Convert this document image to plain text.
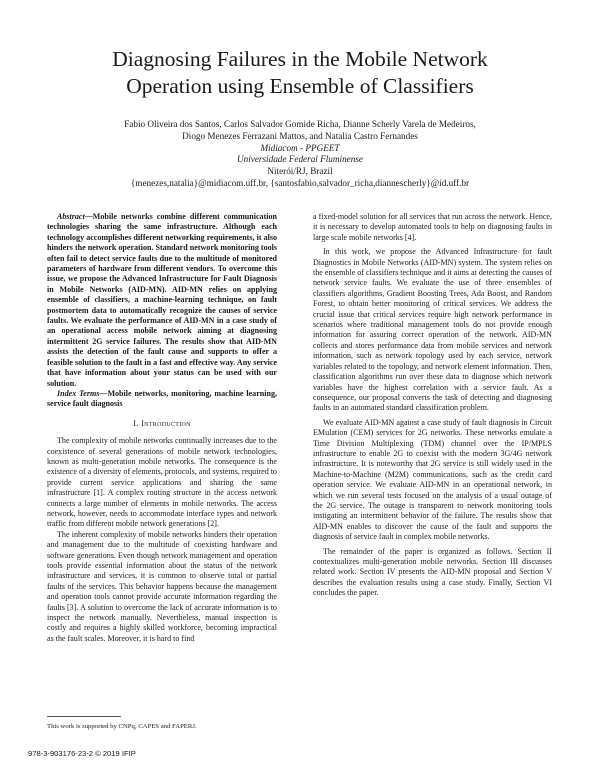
Diagnosing Failures in the Mobile Network
Operation using Ensemble of Classifiers
Fabio Oliveira dos Santos, Carlos Salvador Gomide Richa, Dianne Scherly Varela de Medeiros,
Diogo Menezes Ferrazani Mattos, and Natalia Castro Fernandes
Midiacom - PPGEET
Universidade Federal Fluminense
Niterói/RJ, Brazil
{menezes,natalia}@midiacom.uff.br, {santosfabio,salvador_richa,diannescherly}@id.uff.br

Abstract—Mobile networks combine different communication technologies sharing the same infrastructure. Although each technology accomplishes different networking requirements, it also hinders the network operation. Standard network monitoring tools often fail to detect service faults due to the multitude of monitored parameters of hardware from different vendors. To overcome this issue, we propose the Advanced Infrastructure for Fault Diagnosis in Mobile Networks (AID-MN). AID-MN relies on applying ensemble of classifiers, a machine-learning technique, on fault postmortem data to automatically recognize the causes of service faults. We evaluate the performance of AID-MN in a case study of an operational access mobile network aiming at diagnosing intermittent 2G service failures. The results show that AID-MN assists the detection of the fault cause and supports to offer a feasible solution to the fault in a fast and effective way. Any service that have information about your status can be used with our solution.

Index Terms—Mobile networks, monitoring, machine learning, service fault diagnosis

I. Introduction

The complexity of mobile networks continually increases due to the coexistence of several generations of mobile network technologies, known as multi-generation mobile networks. The consequence is the existence of a diversity of elements, protocols, and systems, required to provide current service applications and sharing the same infrastructure [1]. A complex routing structure in the access network connects a large number of elements in mobile networks. The access network, however, needs to accommodate interface types and network traffic from different mobile network generations [2].

The inherent complexity of mobile networks hinders their operation and management due to the multitude of coexisting hardware and software generations. Even though network management and operation tools provide essential information about the status of the network infrastructure and services, it is common to observe total or partial faults of the services. This behavior happens because the management and operation tools cannot provide accurate information regarding the faults [3]. A solution to overcome the lack of accurate information is to inspect the network manually. Nevertheless, manual inspection is costly and requires a highly skilled workforce, becoming impractical as the fault scales. Moreover, it is hard to find

a fixed-model solution for all services that run across the network. Hence, it is necessary to develop automated tools to help on diagnosing faults in large scale mobile networks [4].

In this work, we propose the Advanced Infrastructure for fault Diagnostics in Mobile Networks (AID-MN) system. The system relies on the ensemble of classifiers technique and it aims at detecting the causes of network service faults. We evaluate the use of three ensembles of classifiers algorithms, Gradient Boosting Trees, Ada Boost, and Random Forest, to obtain better monitoring of critical services. We address the crucial issue that critical services require high network performance in scenarios where traditional management tools do not provide enough information for assuring correct operation of the network. AID-MN collects and stores performance data from mobile services and network information, such as network topology used by each service, network variables related to the topology, and network element information. Then, classification algorithms run over these data to diagnose which network variables have the highest correlation with a service fault. As a consequence, our proposal converts the task of detecting and diagnosing faults in an automated standard classification problem.

We evaluate AID-MN against a case study of fault diagnosis in Circuit EMulation (CEM) services for 2G networks. These networks emulate a Time Division Multiplexing (TDM) channel over the IP/MPLS infrastructure to enable 2G to coexist with the modern 3G/4G network infrastructure. It is noteworthy that 2G service is still widely used in the Machine-to-Machine (M2M) communications, such as the credit card operation service. We evaluate AID-MN in an operational network, in which we run several tests focused on the analysis of a usual outage of the 2G service. The outage is transparent to network monitoring tools instigating an intermittent behavior of the failure. The results show that AID-MN enables to discover the cause of the fault and supports the diagnosis of service fault in complex mobile networks.

The remainder of the paper is organized as follows. Section II contextualizes multi-generation mobile networks. Section III discusses related work. Section IV presents the AID-MN proposal and Section V describes the evaluation results using a case study. Finally, Section VI concludes the paper.

This work is supported by CNPq, CAPES and FAPERJ.
978-3-903176-23-2 © 2019 IFIP
